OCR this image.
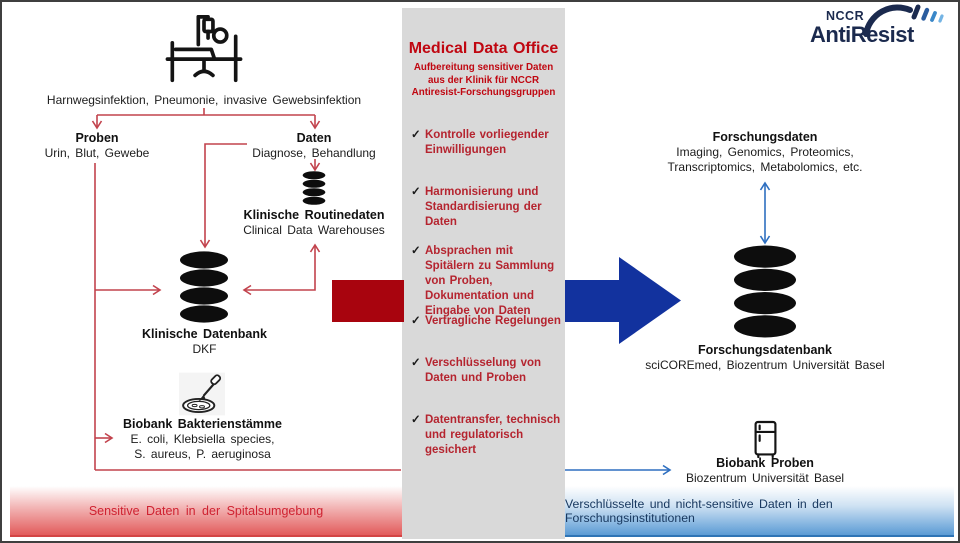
Harnwegsinfektion, Pneumonie, invasive Gewebsinfektion
Proben
Urin, Blut, Gewebe
Daten
Diagnose, Behandlung
Klinische Routinedaten
Clinical Data Warehouses
Klinische Datenbank
DKF
Biobank Bakterienstämme
E. coli, Klebsiella species,
S. aureus, P. aeruginosa
Medical Data Office
Aufbereitung sensitiver Daten aus der Klinik für NCCR Antiresist-Forschungsgruppen
✓ Kontrolle vorliegender Einwilligungen
✓ Harmonisierung und Standardisierung der Daten
✓ Absprachen mit Spitälern zu Sammlung von Proben, Dokumentation und Eingabe von Daten
✓ Vertragliche Regelungen
✓ Verschlüsselung von Daten und Proben
✓ Datentransfer, technisch und regulatorisch gesichert
Forschungsdaten
Imaging, Genomics, Proteomics,
Transcriptomics, Metabolomics, etc.
Forschungsdatenbank
sciCOREmed, Biozentrum Universität Basel
Biobank Proben
Biozentrum Universität Basel
NCCR
AntiResist
Sensitive Daten in der Spitalsumgebung	Verschlüsselte und nicht-sensitive Daten in den Forschungsinstitutionen
